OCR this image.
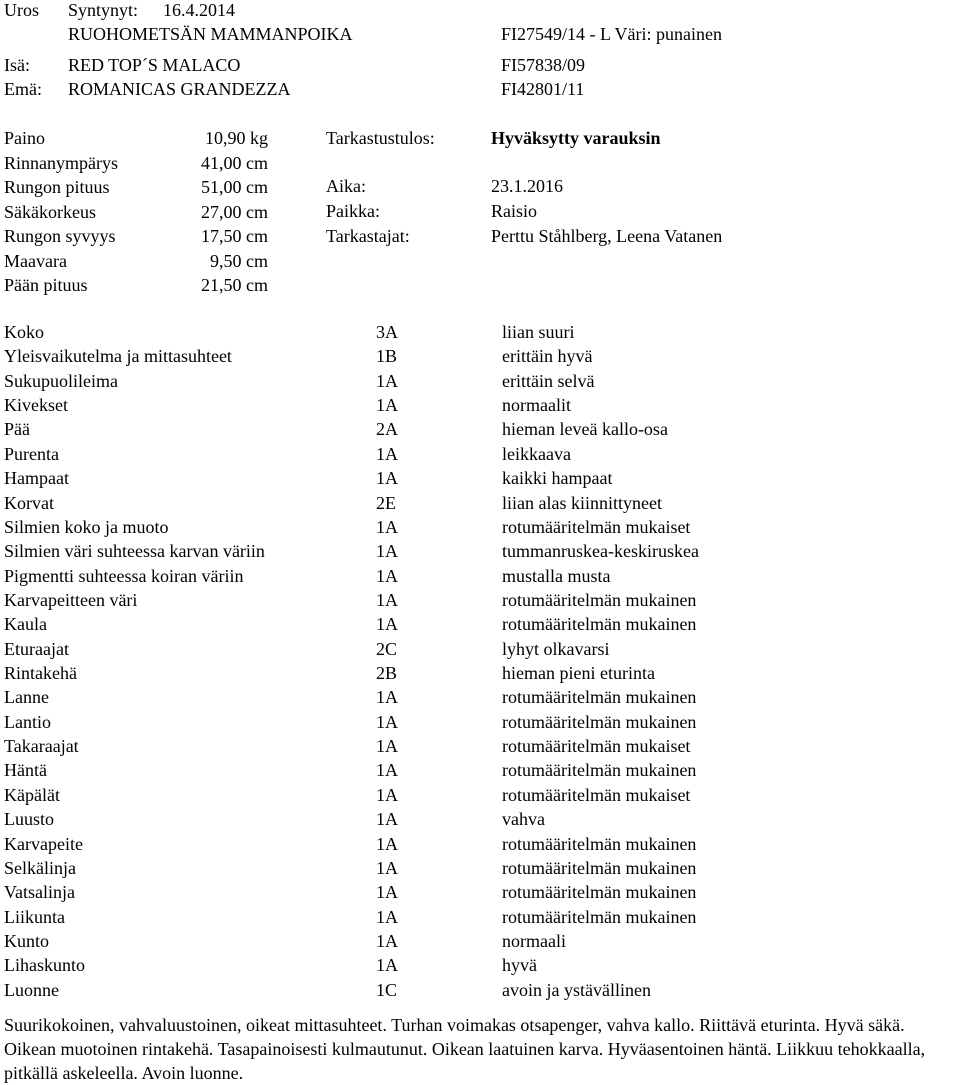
Uros Syntynyt: 16.4.2014
RUOHOMETSÄN MAMMANPOIKA	FI27549/14 - L Väri: punainen
Isä: RED TOP´S MALACO	FI57838/09
Emä: ROMANICAS GRANDEZZA	FI42801/11
Paino	10,90 kg
Rinnanympärys	41,00 cm
Rungon pituus	51,00 cm
Säkäkorkeus	27,00 cm
Rungon syvyys	17,50 cm
Maavara	9,50 cm
Pään pituus	21,50 cm
Tarkastustulos:	Hyväksytty varauksin
Aika:	23.1.2016
Paikka:	Raisio
Tarkastajat:	Perttu Ståhlberg, Leena Vatanen
Koko	3A	liian suuri
Yleisvaikutelma ja mittasuhteet	1B	erittäin hyvä
Sukupuolileima	1A	erittäin selvä
Kivekset	1A	normaalit
Pää	2A	hieman leveä kallo-osa
Purenta	1A	leikkaava
Hampaat	1A	kaikki hampaat
Korvat	2E	liian alas kiinnittyneet
Silmien koko ja muoto	1A	rotumääritelmän mukaiset
Silmien väri suhteessa karvan väriin	1A	tummanruskea-keskiruskea
Pigmentti suhteessa koiran väriin	1A	mustalla musta
Karvapeitteen väri	1A	rotumääritelmän mukainen
Kaula	1A	rotumääritelmän mukainen
Eturaajat	2C	lyhyt olkavarsi
Rintakehä	2B	hieman pieni eturinta
Lanne	1A	rotumääritelmän mukainen
Lantio	1A	rotumääritelmän mukainen
Takaraajat	1A	rotumääritelmän mukaiset
Häntä	1A	rotumääritelmän mukainen
Käpälät	1A	rotumääritelmän mukaiset
Luusto	1A	vahva
Karvapeite	1A	rotumääritelmän mukainen
Selkälinja	1A	rotumääritelmän mukainen
Vatsalinja	1A	rotumääritelmän mukainen
Liikunta	1A	rotumääritelmän mukainen
Kunto	1A	normaali
Lihaskunto	1A	hyvä
Luonne	1C	avoin ja ystävällinen
Suurikokoinen, vahvaluustoinen, oikeat mittasuhteet. Turhan voimakas otsapenger, vahva kallo. Riittävä eturinta. Hyvä säkä. Oikean muotoinen rintakehä. Tasapainoisesti kulmautunut. Oikean laatuinen karva. Hyväasentoinen häntä. Liikkuu tehokkaalla, pitkällä askeleella. Avoin luonne.
